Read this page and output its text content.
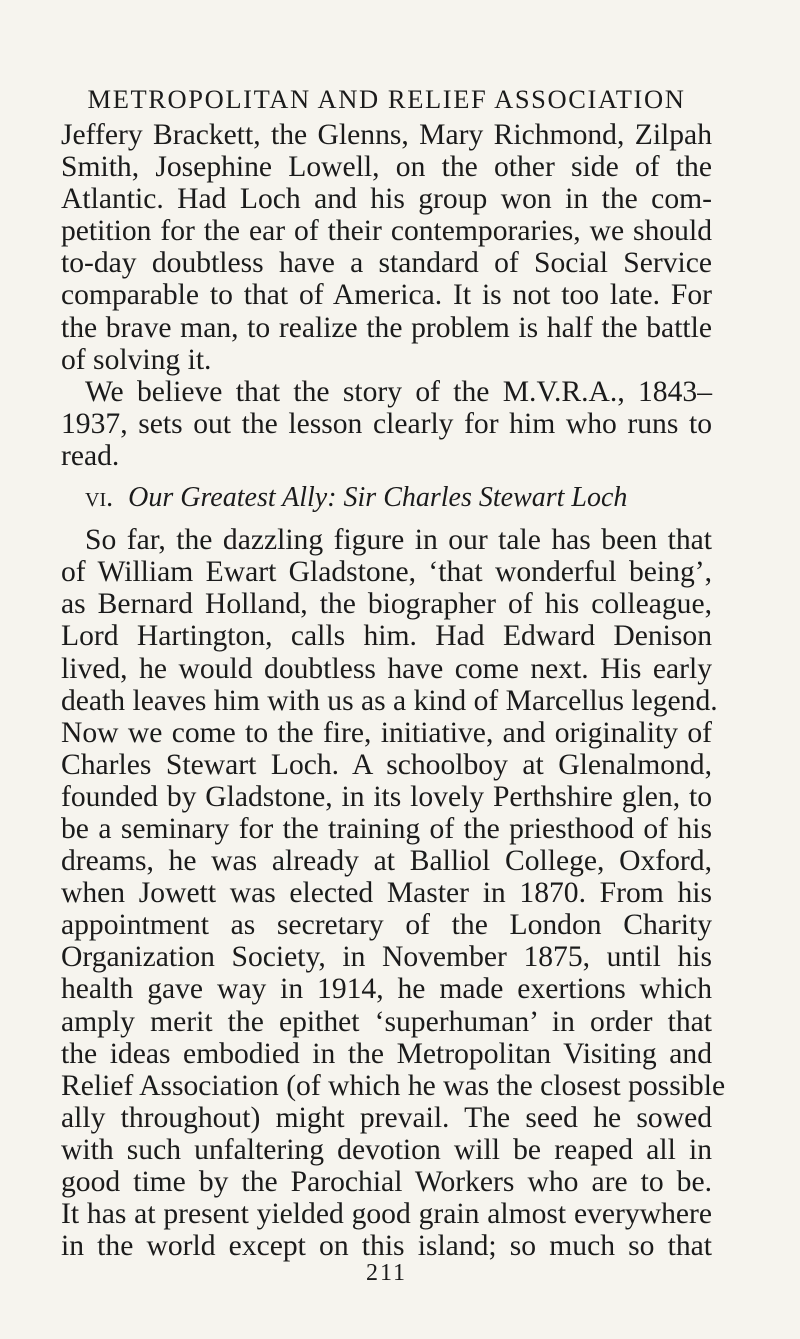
METROPOLITAN AND RELIEF ASSOCIATION
Jeffery Brackett, the Glenns, Mary Richmond, Zilpah
Smith, Josephine Lowell, on the other side of the
Atlantic. Had Loch and his group won in the com-
petition for the ear of their contemporaries, we should
to-day doubtless have a standard of Social Service
comparable to that of America. It is not too late. For
the brave man, to realize the problem is half the battle
of solving it.
We believe that the story of the M.V.R.A., 1843–
1937, sets out the lesson clearly for him who runs to
read.
vi. Our Greatest Ally: Sir Charles Stewart Loch
So far, the dazzling figure in our tale has been that
of William Ewart Gladstone, ‘that wonderful being’,
as Bernard Holland, the biographer of his colleague,
Lord Hartington, calls him. Had Edward Denison
lived, he would doubtless have come next. His early
death leaves him with us as a kind of Marcellus legend.
Now we come to the fire, initiative, and originality of
Charles Stewart Loch. A schoolboy at Glenalmond,
founded by Gladstone, in its lovely Perthshire glen, to
be a seminary for the training of the priesthood of his
dreams, he was already at Balliol College, Oxford,
when Jowett was elected Master in 1870. From his
appointment as secretary of the London Charity
Organization Society, in November 1875, until his
health gave way in 1914, he made exertions which
amply merit the epithet ‘superhuman’ in order that
the ideas embodied in the Metropolitan Visiting and
Relief Association (of which he was the closest possible
ally throughout) might prevail. The seed he sowed
with such unfaltering devotion will be reaped all in
good time by the Parochial Workers who are to be.
It has at present yielded good grain almost everywhere
in the world except on this island; so much so that
211
